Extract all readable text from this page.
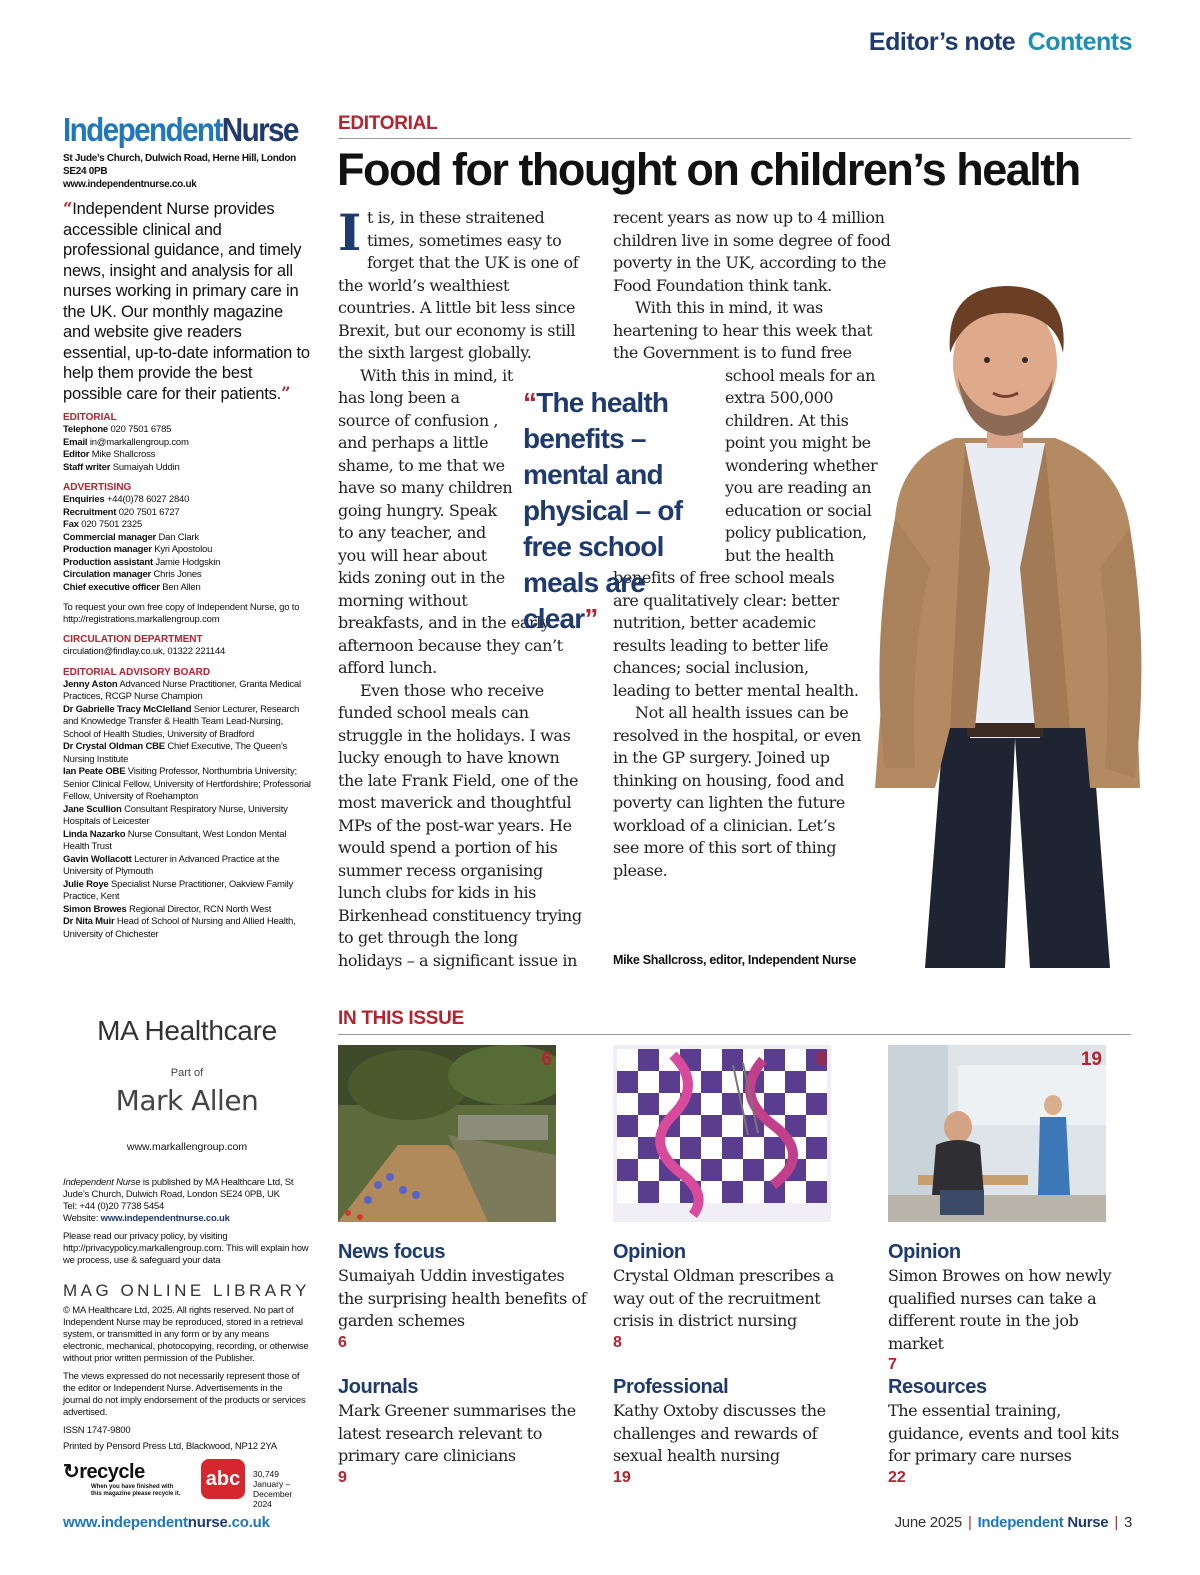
Editor’s note Contents
IndependentNurse
St Jude’s Church, Dulwich Road, Herne Hill, London SE24 0PB
www.independentnurse.co.uk
“Independent Nurse provides accessible clinical and professional guidance, and timely news, insight and analysis for all nurses working in primary care in the UK. Our monthly magazine and website give readers essential, up-to-date information to help them provide the best possible care for their patients.”
EDITORIAL
Telephone 020 7501 6785
Email in@markallengroup.com
Editor Mike Shallcross
Staff writer Sumaiyah Uddin
ADVERTISING
Enquiries +44(0)78 6027 2840
Recruitment 020 7501 6727
Fax 020 7501 2325
Commercial manager Dan Clark
Production manager Kyri Apostolou
Production assistant Jamie Hodgskin
Circulation manager Chris Jones
Chief executive officer Ben Allen
To request your own free copy of Independent Nurse, go to http://registrations.markallengroup.com
CIRCULATION DEPARTMENT
circulation@findlay.co.uk, 01322 221144
EDITORIAL ADVISORY BOARD
Jenny Aston Advanced Nurse Practitioner, Granta Medical Practices, RCGP Nurse Champion
Dr Gabrielle Tracy McClelland Senior Lecturer, Research and Knowledge Transfer & Health Team Lead-Nursing, School of Health Studies, University of Bradford
Dr Crystal Oldman CBE Chief Executive, The Queen’s Nursing Institute
Ian Peate OBE Visiting Professor, Northumbria University; Senior Clinical Fellow, University of Hertfordshire; Professorial Fellow, University of Roehampton
Jane Scullion Consultant Respiratory Nurse, University Hospitals of Leicester
Linda Nazarko Nurse Consultant, West London Mental Health Trust
Gavin Wollacott Lecturer in Advanced Practice at the University of Plymouth
Julie Roye Specialist Nurse Practitioner, Oakview Family Practice, Kent
Simon Browes Regional Director, RCN North West
Dr Nita Muir Head of School of Nursing and Allied Health, University of Chichester
EDITORIAL
Food for thought on children’s health

It is, in these straitened times, sometimes easy to forget that the UK is one of the world’s wealthiest countries. A little bit less since Brexit, but our economy is still the sixth largest globally.

With this in mind, it has long been a source of confusion , and perhaps a little shame, to me that we have so many children going hungry. Speak to any teacher, and you will hear about kids zoning out in the morning without

breakfasts, and in the early afternoon because they can’t afford lunch.

Even those who receive funded school meals can struggle in the holidays. I was lucky enough to have known the late Frank Field, one of the most maverick and thoughtful MPs of the post-war years. He would spend a portion of his summer recess organising lunch clubs for kids in his Birkenhead constituency trying to get through the long holidays – a significant issue in

recent years as now up to 4 million children live in some degree of food poverty in the UK, according to the Food Foundation think tank.

With this in mind, it was heartening to hear this week that the Government is to fund free

school meals for an extra 500,000 children. At this point you might be wondering whether you are reading an education or social policy publication, but the health

benefits of free school meals are qualitatively clear: better nutrition, better academic results leading to better life chances; social inclusion, leading to better mental health.

Not all health issues can be resolved in the hospital, or even in the GP surgery. Joined up thinking on housing, food and poverty can lighten the future workload of a clinician. Let’s see more of this sort of thing please.

“The health benefits – mental and physical – of free school meals are clear”
Mike Shallcross, editor, Independent Nurse
MA Healthcare
Part of
Mark Allen
www.markallengroup.com
Independent Nurse is published by MA Healthcare Ltd, St Jude’s Church, Dulwich Road, London SE24 0PB, UK
Tel: +44 (0)20 7738 5454
Website: www.independentnurse.co.uk
Please read our privacy policy, by visiting http://privacypolicy.markallengroup.com. This will explain how we process, use & safeguard your data
MAG ONLINE LIBRARY
© MA Healthcare Ltd, 2025. All rights reserved. No part of Independent Nurse may be reproduced, stored in a retrieval system, or transmitted in any form or by any means electronic, mechanical, photocopying, recording, or otherwise without prior written permission of the Publisher.
The views expressed do not necessarily represent those of the editor or Independent Nurse. Advertisements in the journal do not imply endorsement of the products or services advertised.
ISSN 1747-9800
Printed by Pensord Press Ltd, Blackwood, NP12 2YA
↻recycle
When you have finished with this magazine please recycle it.
abc	30,749 January – December 2024
IN THIS ISSUE
6	8	19
News focus
Sumaiyah Uddin investigates the surprising health benefits of garden schemes
6
Opinion
Crystal Oldman prescribes a way out of the recruitment crisis in district nursing
8
Opinion
Simon Browes on how newly qualified nurses can take a different route in the job market
7
Journals
Mark Greener summarises the latest research relevant to primary care clinicians
9
Professional
Kathy Oxtoby discusses the challenges and rewards of sexual health nursing
19
Resources
The essential training, guidance, events and tool kits for primary care nurses
22
www.independentnurse.co.uk	June 2025 | Independent Nurse | 3
